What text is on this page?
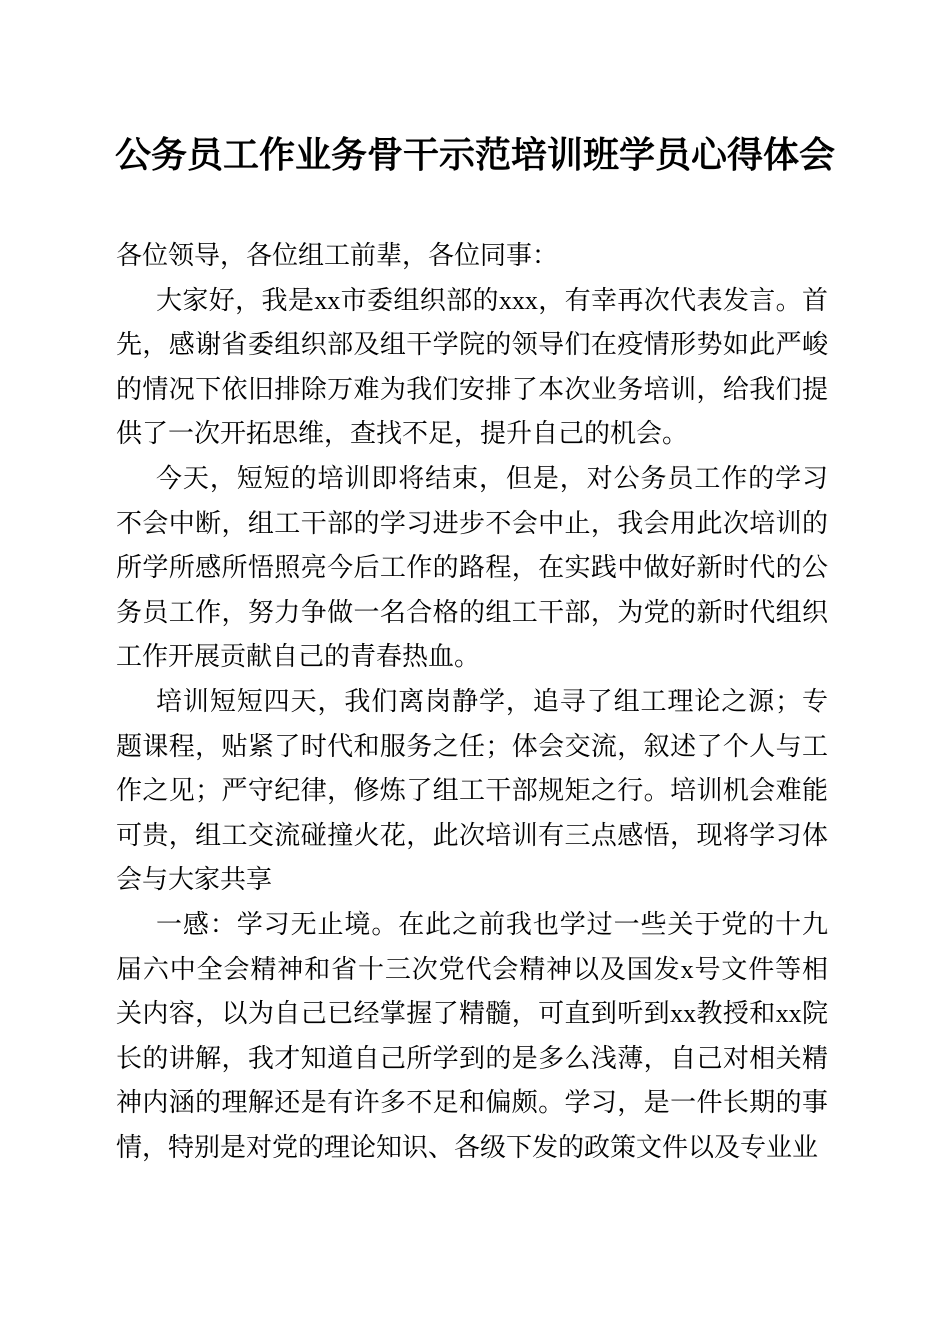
公务员工作业务骨干示范培训班学员心得体会

各位领导，各位组工前辈，各位同事：

大家好，我是xx市委组织部的xxx，有幸再次代表发言。首先，感谢省委组织部及组干学院的领导们在疫情形势如此严峻的情况下依旧排除万难为我们安排了本次业务培训，给我们提供了一次开拓思维，查找不足，提升自己的机会。

今天，短短的培训即将结束，但是，对公务员工作的学习不会中断，组工干部的学习进步不会中止，我会用此次培训的所学所感所悟照亮今后工作的路程，在实践中做好新时代的公务员工作，努力争做一名合格的组工干部，为党的新时代组织工作开展贡献自己的青春热血。

培训短短四天，我们离岗静学，追寻了组工理论之源；专题课程，贴紧了时代和服务之任；体会交流，叙述了个人与工作之见；严守纪律，修炼了组工干部规矩之行。培训机会难能可贵，组工交流碰撞火花，此次培训有三点感悟，现将学习体会与大家共享

一感：学习无止境。在此之前我也学过一些关于党的十九届六中全会精神和省十三次党代会精神以及国发x号文件等相关内容，以为自己已经掌握了精髓，可直到听到xx教授和xx院长的讲解，我才知道自己所学到的是多么浅薄，自己对相关精神内涵的理解还是有许多不足和偏颇。学习，是一件长期的事情，特别是对党的理论知识、各级下发的政策文件以及专业业
